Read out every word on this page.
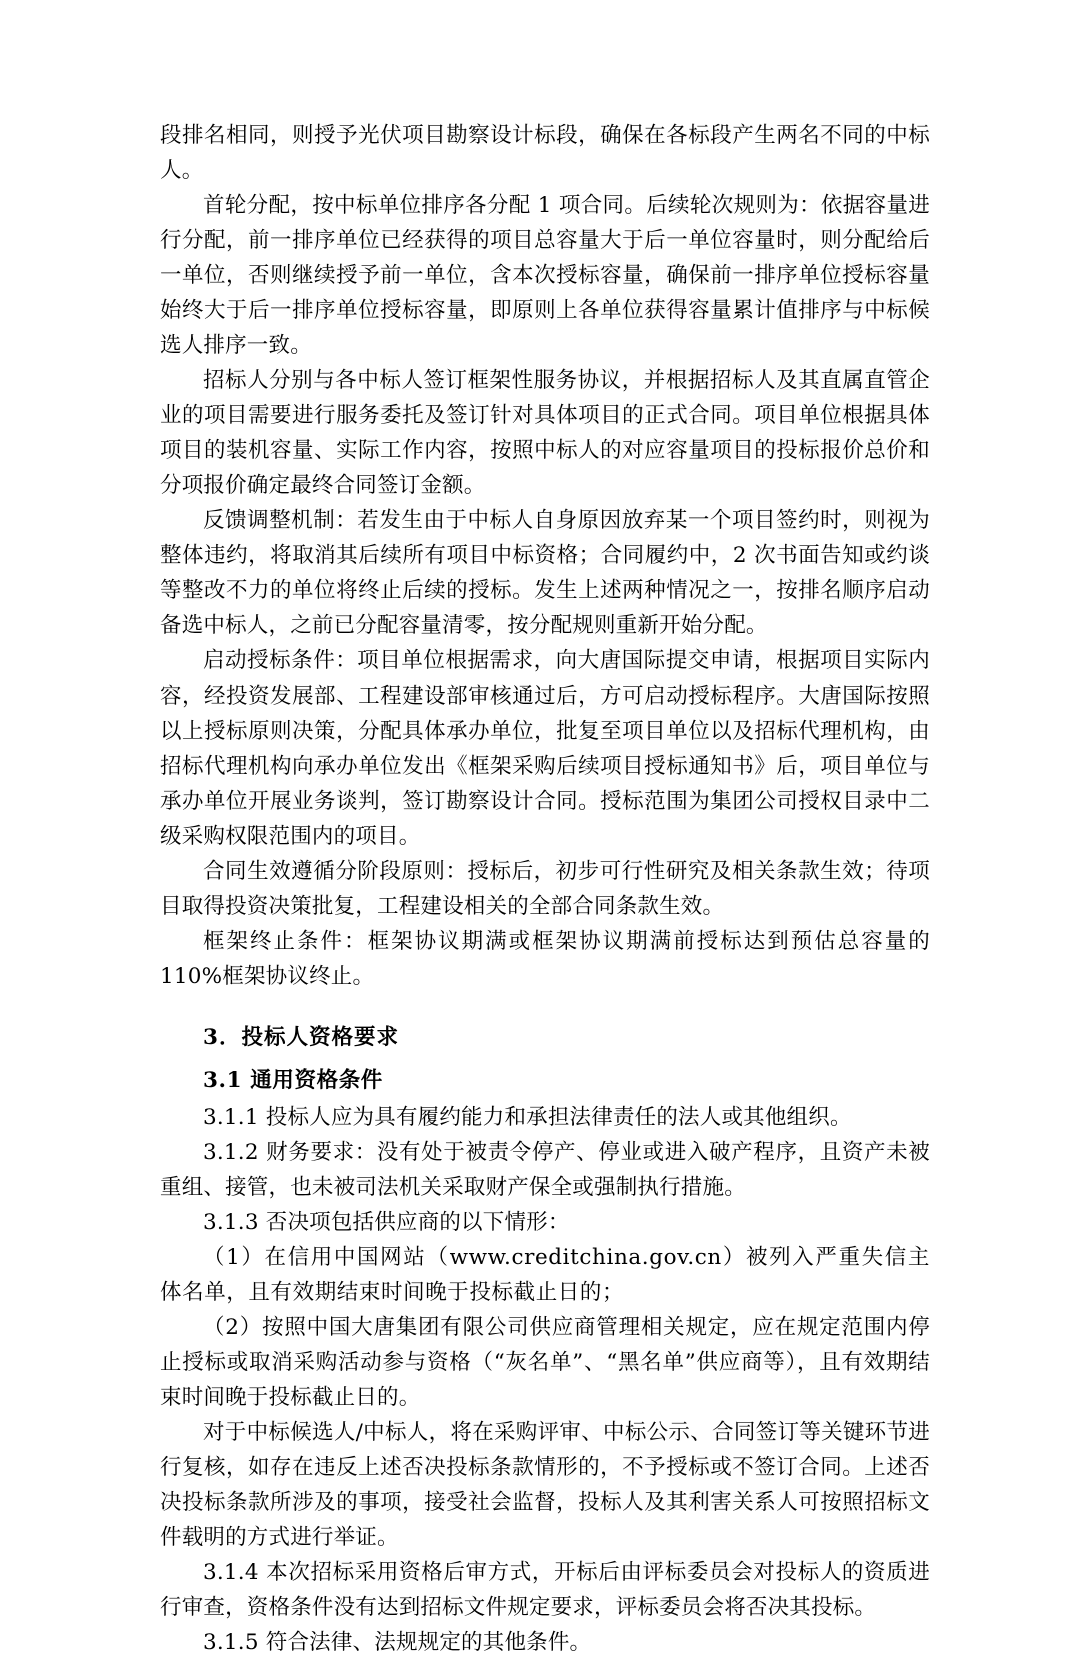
段排名相同，则授予光伏项目勘察设计标段，确保在各标段产生两名不同的中标人。

首轮分配，按中标单位排序各分配 1 项合同。后续轮次规则为：依据容量进行分配，前一排序单位已经获得的项目总容量大于后一单位容量时，则分配给后一单位，否则继续授予前一单位，含本次授标容量，确保前一排序单位授标容量始终大于后一排序单位授标容量，即原则上各单位获得容量累计值排序与中标候选人排序一致。

招标人分别与各中标人签订框架性服务协议，并根据招标人及其直属直管企业的项目需要进行服务委托及签订针对具体项目的正式合同。项目单位根据具体项目的装机容量、实际工作内容，按照中标人的对应容量项目的投标报价总价和分项报价确定最终合同签订金额。

反馈调整机制：若发生由于中标人自身原因放弃某一个项目签约时，则视为整体违约，将取消其后续所有项目中标资格；合同履约中，2 次书面告知或约谈等整改不力的单位将终止后续的授标。发生上述两种情况之一，按排名顺序启动备选中标人，之前已分配容量清零，按分配规则重新开始分配。

启动授标条件：项目单位根据需求，向大唐国际提交申请，根据项目实际内容，经投资发展部、工程建设部审核通过后，方可启动授标程序。大唐国际按照以上授标原则决策，分配具体承办单位，批复至项目单位以及招标代理机构，由招标代理机构向承办单位发出《框架采购后续项目授标通知书》后，项目单位与承办单位开展业务谈判，签订勘察设计合同。授标范围为集团公司授权目录中二级采购权限范围内的项目。

合同生效遵循分阶段原则：授标后，初步可行性研究及相关条款生效；待项目取得投资决策批复，工程建设相关的全部合同条款生效。

框架终止条件：框架协议期满或框架协议期满前授标达到预估总容量的110%框架协议终止。

3．投标人资格要求

3.1 通用资格条件

3.1.1 投标人应为具有履约能力和承担法律责任的法人或其他组织。

3.1.2 财务要求：没有处于被责令停产、停业或进入破产程序，且资产未被重组、接管，也未被司法机关采取财产保全或强制执行措施。

3.1.3 否决项包括供应商的以下情形：

（1）在信用中国网站（www.creditchina.gov.cn）被列入严重失信主体名单，且有效期结束时间晚于投标截止日的；

（2）按照中国大唐集团有限公司供应商管理相关规定，应在规定范围内停止授标或取消采购活动参与资格（“灰名单”、“黑名单”供应商等），且有效期结束时间晚于投标截止日的。

对于中标候选人/中标人，将在采购评审、中标公示、合同签订等关键环节进行复核，如存在违反上述否决投标条款情形的，不予授标或不签订合同。上述否决投标条款所涉及的事项，接受社会监督，投标人及其利害关系人可按照招标文件载明的方式进行举证。

3.1.4 本次招标采用资格后审方式，开标后由评标委员会对投标人的资质进行审查，资格条件没有达到招标文件规定要求，评标委员会将否决其投标。

3.1.5 符合法律、法规规定的其他条件。
